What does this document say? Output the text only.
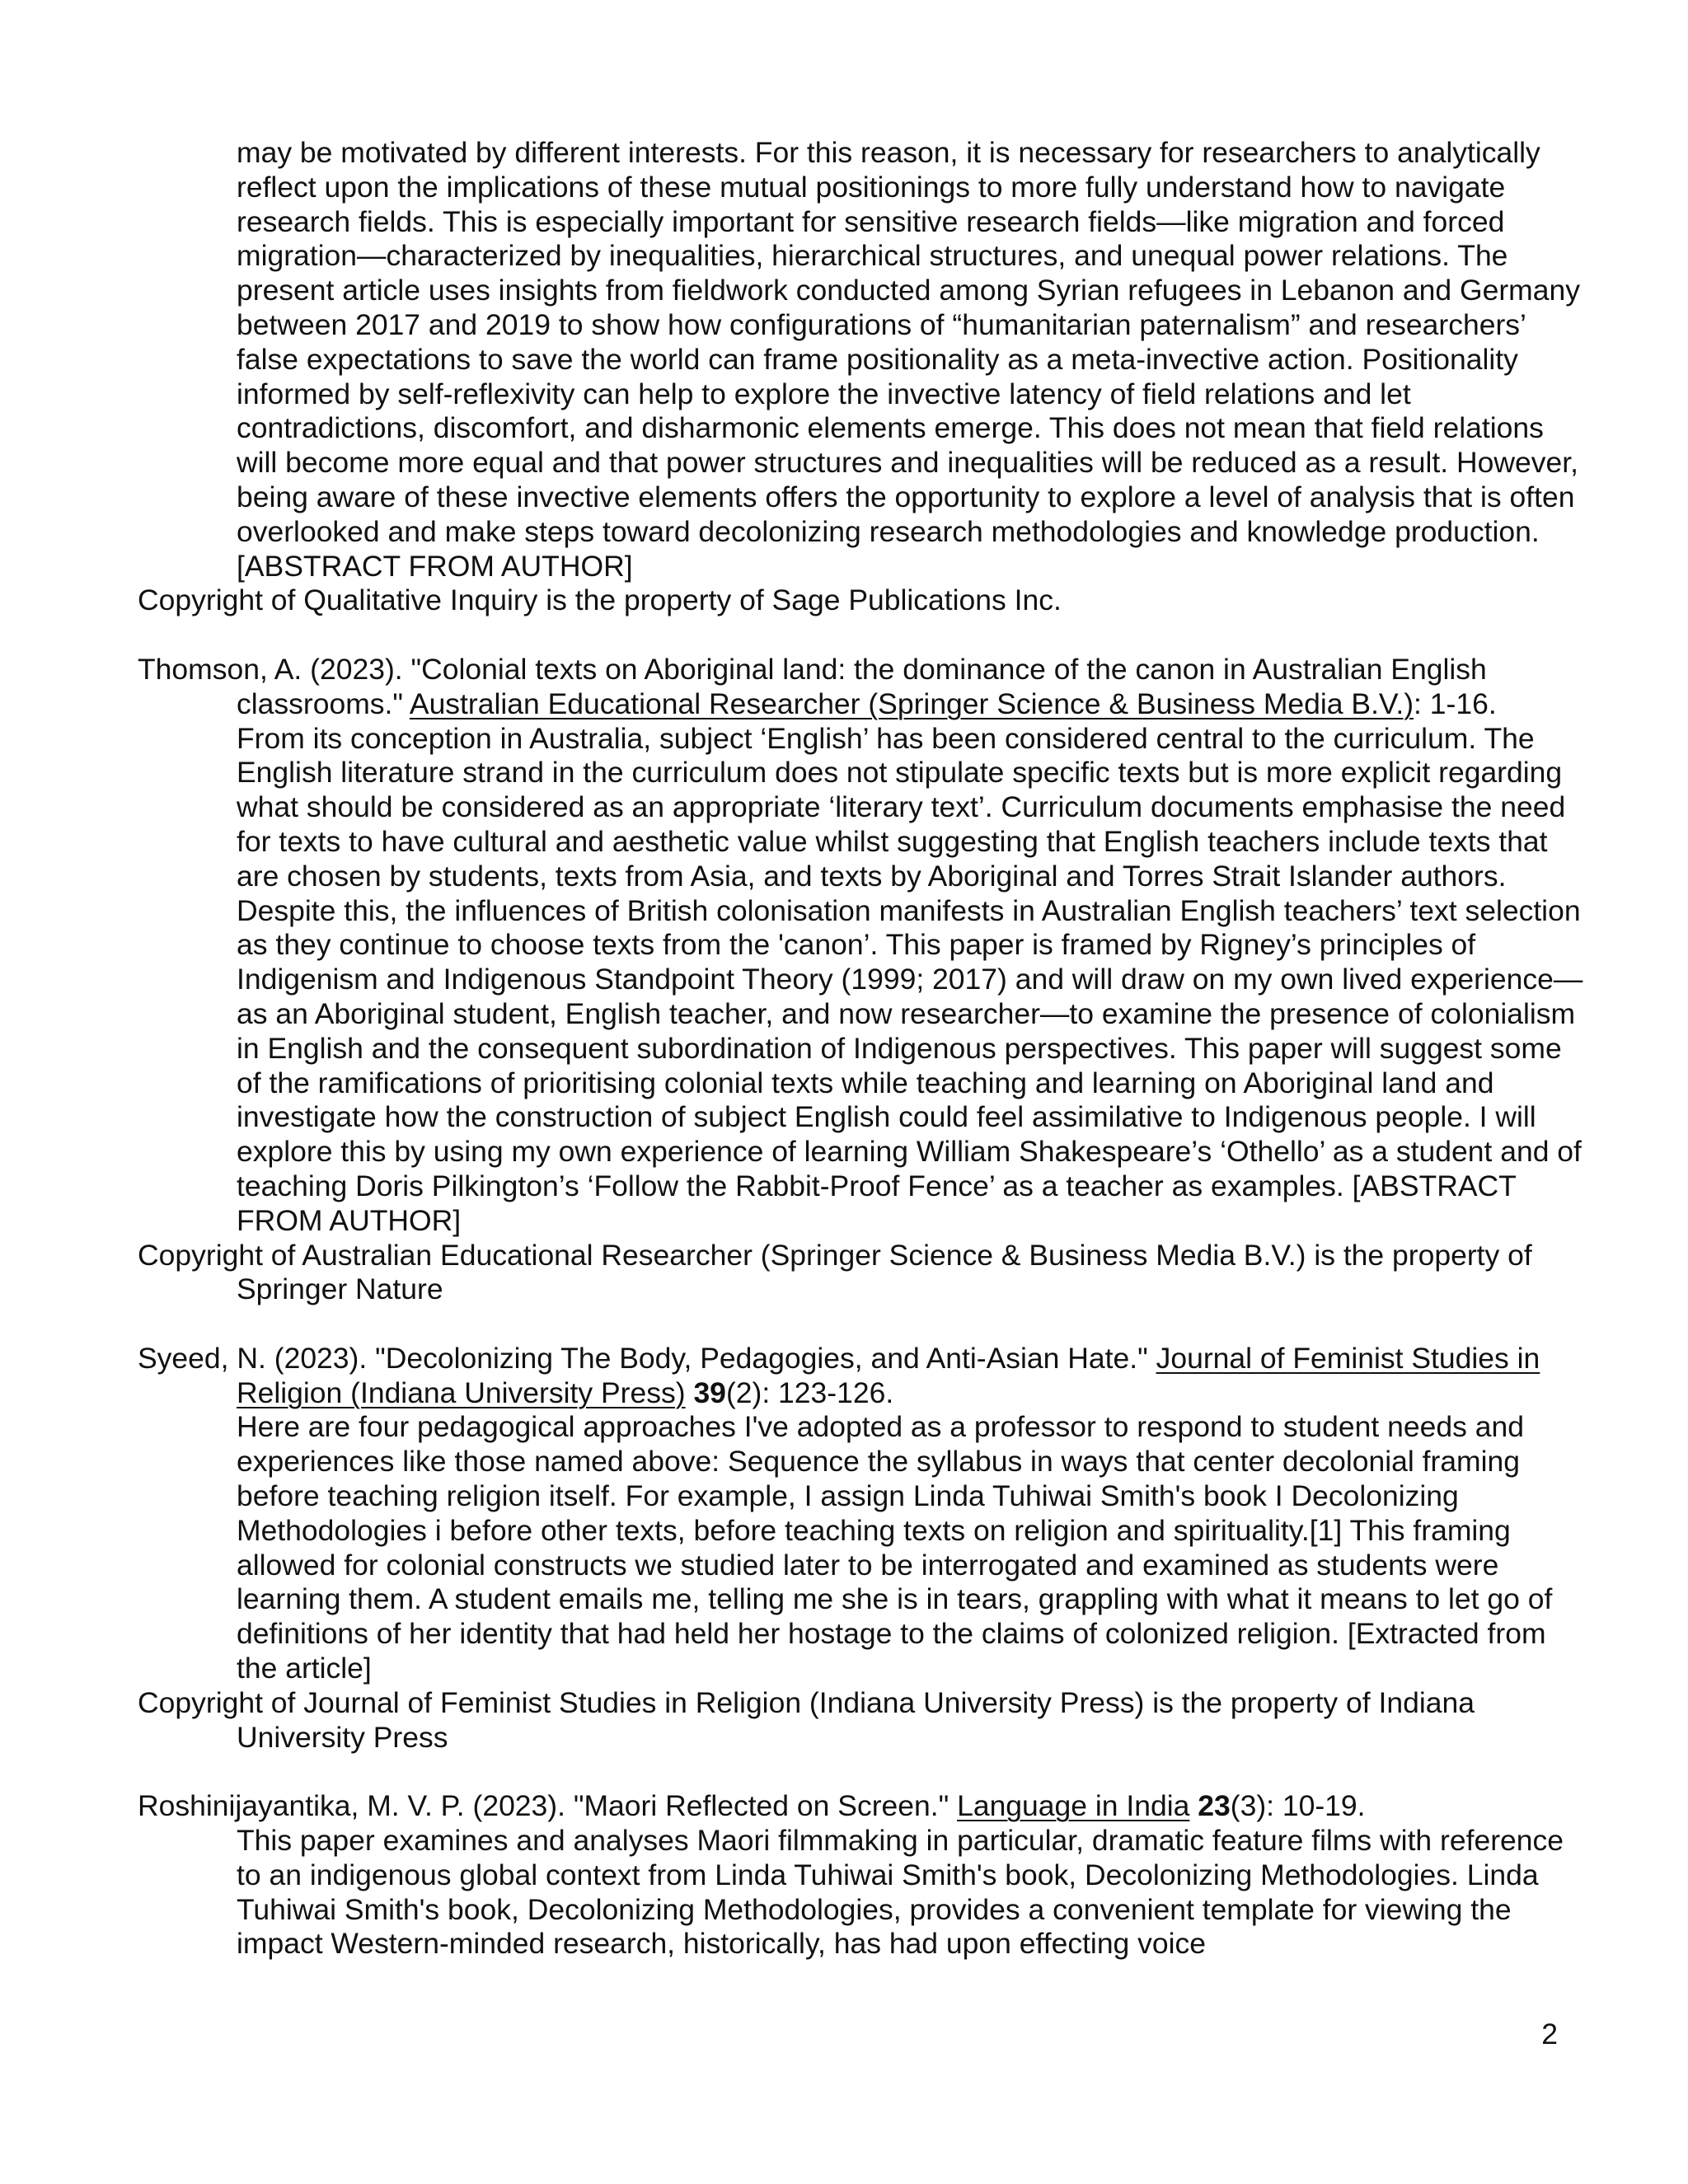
may be motivated by different interests. For this reason, it is necessary for researchers to analytically reflect upon the implications of these mutual positionings to more fully understand how to navigate research fields. This is especially important for sensitive research fields—like migration and forced migration—characterized by inequalities, hierarchical structures, and unequal power relations. The present article uses insights from fieldwork conducted among Syrian refugees in Lebanon and Germany between 2017 and 2019 to show how configurations of “humanitarian paternalism” and researchers’ false expectations to save the world can frame positionality as a meta-invective action. Positionality informed by self-reflexivity can help to explore the invective latency of field relations and let contradictions, discomfort, and disharmonic elements emerge. This does not mean that field relations will become more equal and that power structures and inequalities will be reduced as a result. However, being aware of these invective elements offers the opportunity to explore a level of analysis that is often overlooked and make steps toward decolonizing research methodologies and knowledge production. [ABSTRACT FROM AUTHOR]
Copyright of Qualitative Inquiry is the property of Sage Publications Inc.
Thomson, A. (2023). "Colonial texts on Aboriginal land: the dominance of the canon in Australian English classrooms." Australian Educational Researcher (Springer Science & Business Media B.V.): 1-16.
From its conception in Australia, subject ‘English’ has been considered central to the curriculum. The English literature strand in the curriculum does not stipulate specific texts but is more explicit regarding what should be considered as an appropriate ‘literary text’. Curriculum documents emphasise the need for texts to have cultural and aesthetic value whilst suggesting that English teachers include texts that are chosen by students, texts from Asia, and texts by Aboriginal and Torres Strait Islander authors. Despite this, the influences of British colonisation manifests in Australian English teachers’ text selection as they continue to choose texts from the 'canon’. This paper is framed by Rigney’s principles of Indigenism and Indigenous Standpoint Theory (1999; 2017) and will draw on my own lived experience—as an Aboriginal student, English teacher, and now researcher—to examine the presence of colonialism in English and the consequent subordination of Indigenous perspectives. This paper will suggest some of the ramifications of prioritising colonial texts while teaching and learning on Aboriginal land and investigate how the construction of subject English could feel assimilative to Indigenous people. I will explore this by using my own experience of learning William Shakespeare’s ‘Othello’ as a student and of teaching Doris Pilkington’s ‘Follow the Rabbit-Proof Fence’ as a teacher as examples. [ABSTRACT FROM AUTHOR]
Copyright of Australian Educational Researcher (Springer Science & Business Media B.V.) is the property of Springer Nature
Syeed, N. (2023). "Decolonizing The Body, Pedagogies, and Anti-Asian Hate." Journal of Feminist Studies in Religion (Indiana University Press) 39(2): 123-126.
Here are four pedagogical approaches I've adopted as a professor to respond to student needs and experiences like those named above: Sequence the syllabus in ways that center decolonial framing before teaching religion itself. For example, I assign Linda Tuhiwai Smith's book I Decolonizing Methodologies i before other texts, before teaching texts on religion and spirituality.[1] This framing allowed for colonial constructs we studied later to be interrogated and examined as students were learning them. A student emails me, telling me she is in tears, grappling with what it means to let go of definitions of her identity that had held her hostage to the claims of colonized religion. [Extracted from the article]
Copyright of Journal of Feminist Studies in Religion (Indiana University Press) is the property of Indiana University Press
Roshinijayantika, M. V. P. (2023). "Maori Reflected on Screen." Language in India 23(3): 10-19.
This paper examines and analyses Maori filmmaking in particular, dramatic feature films with reference to an indigenous global context from Linda Tuhiwai Smith's book, Decolonizing Methodologies. Linda Tuhiwai Smith's book, Decolonizing Methodologies, provides a convenient template for viewing the impact Western-minded research, historically, has had upon effecting voice
2
